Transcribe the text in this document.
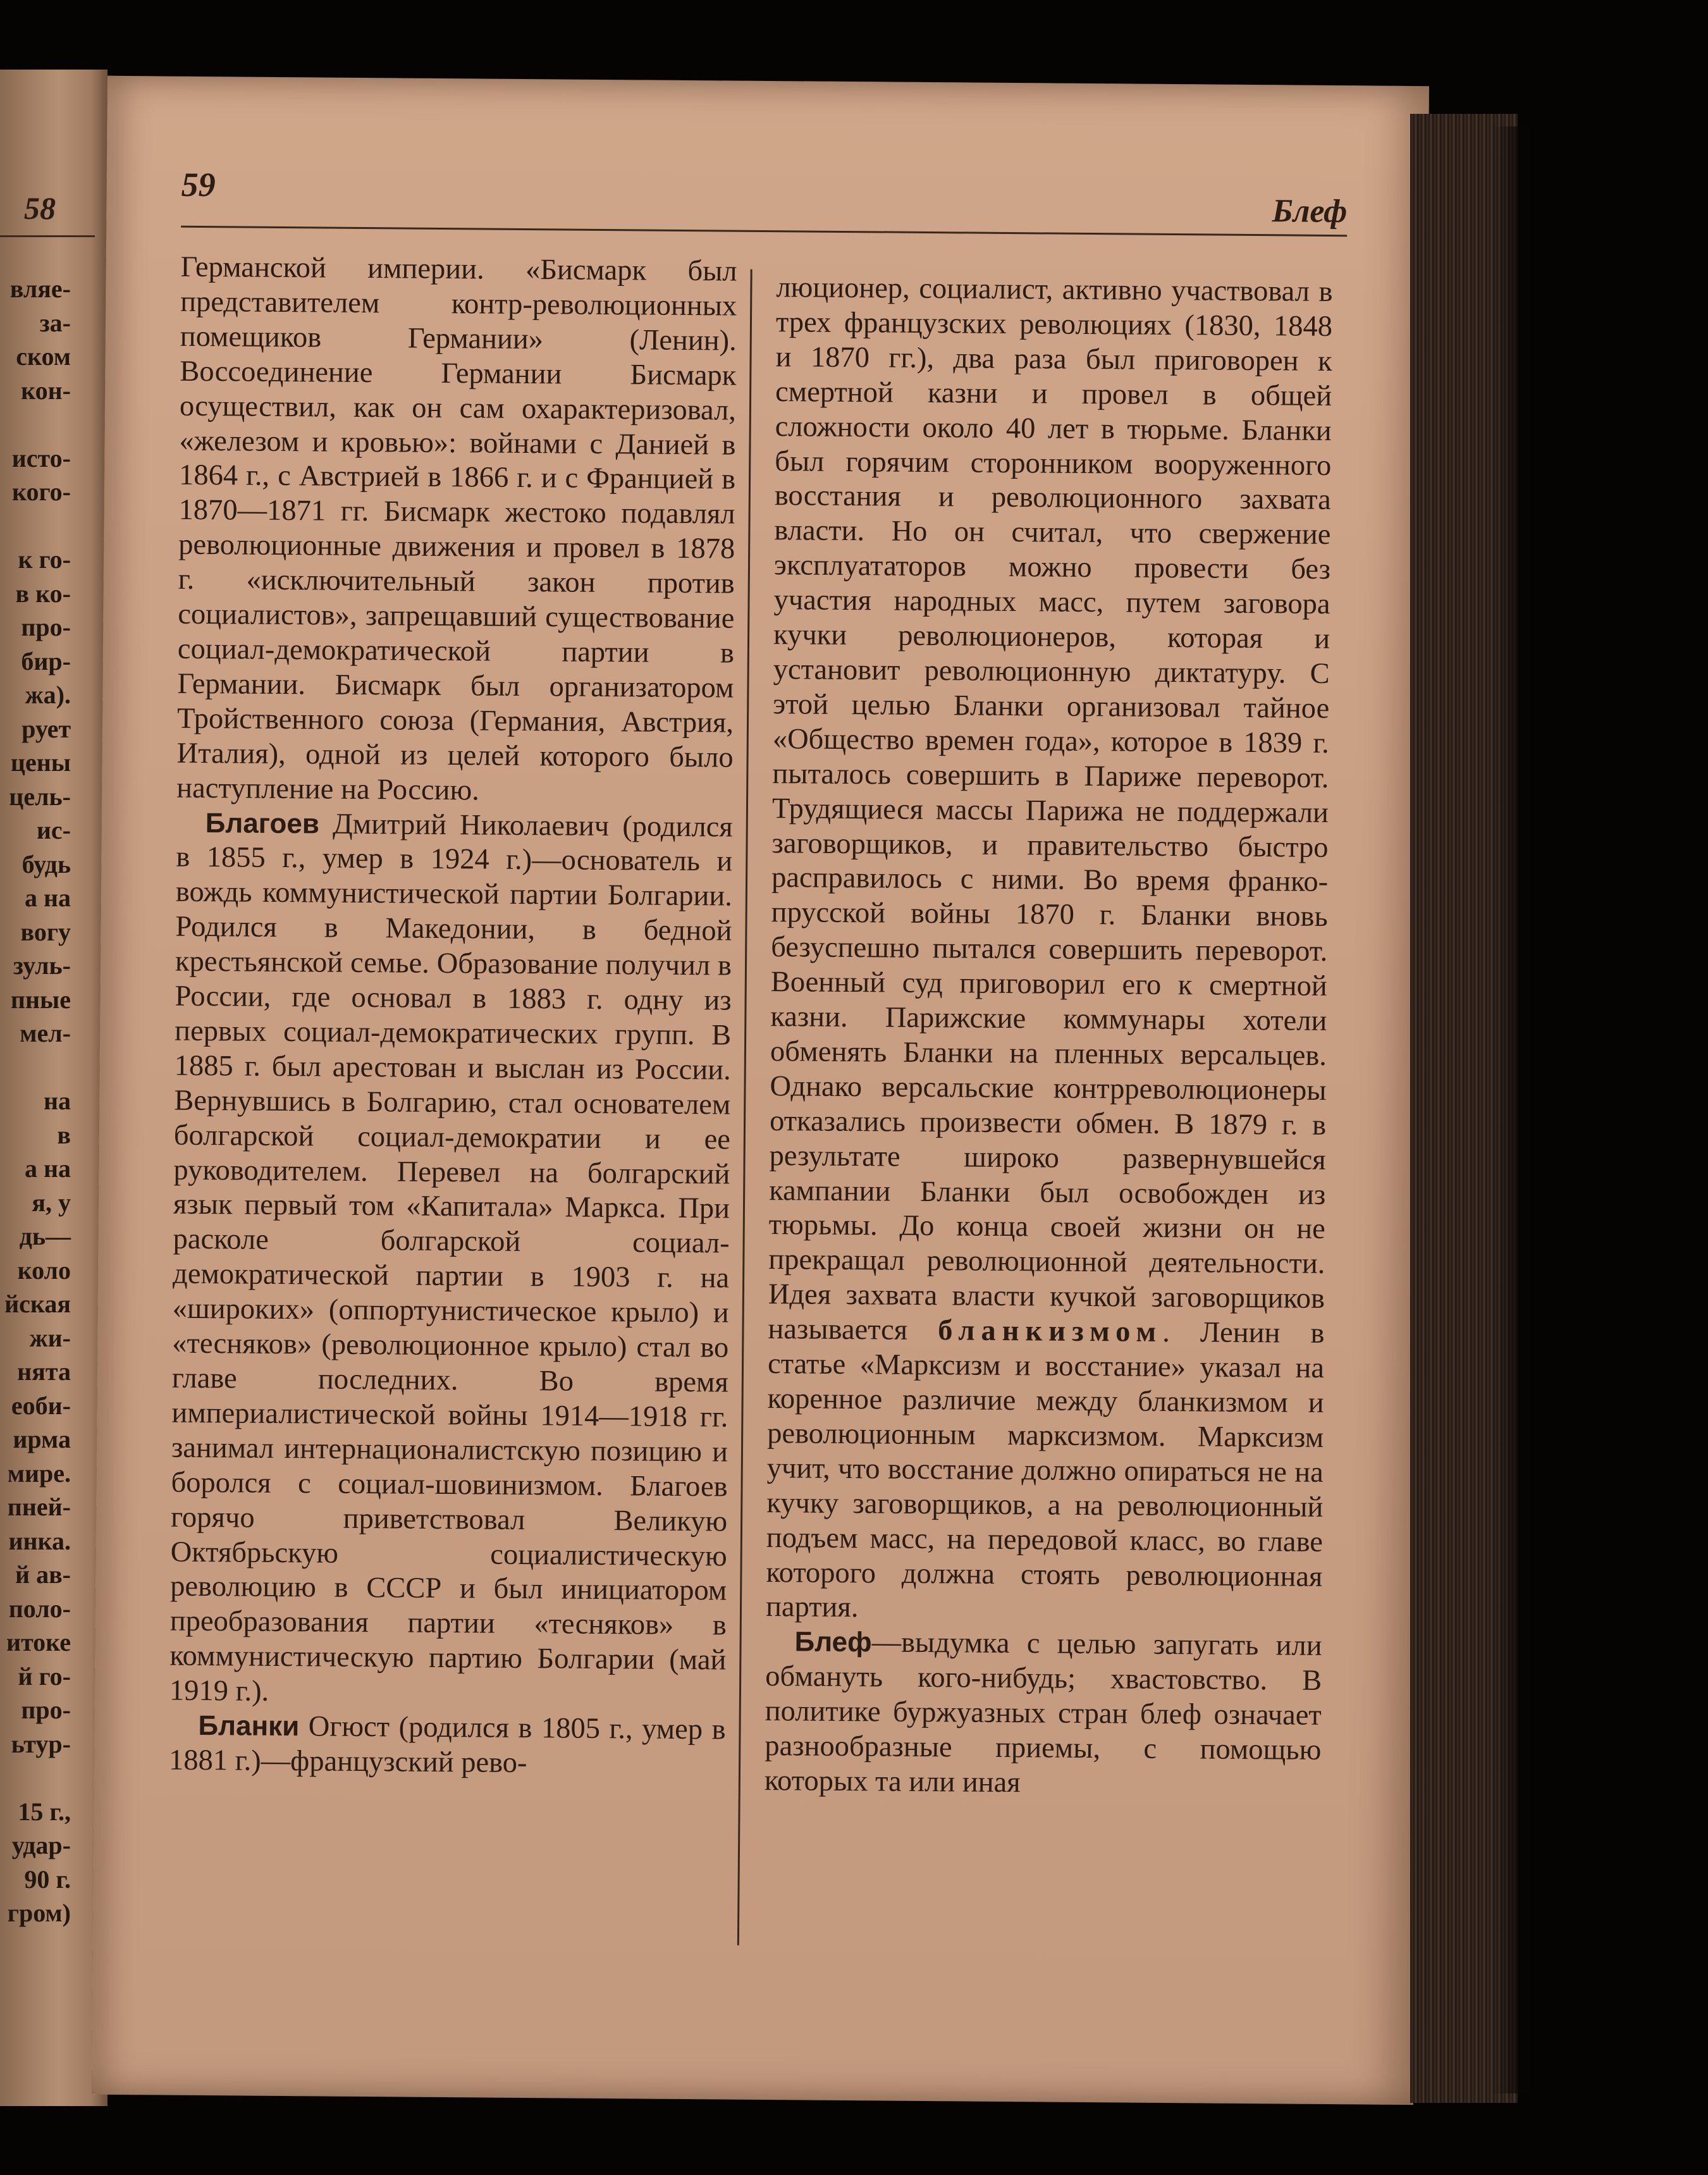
58
вляе-
за-
ском
кон-

исто-
кого-

к го-
в ко-
про-
бир-
жа).
рует
цены
цель-
ис-
будь
а на
вогу
зуль-
пные
мел-

на
в
а на
я, у
дь—
коло
йская
жи-
нята
еоби-
ирма
мире.
пней-
инка.
й ав-
поло-
итоке
й го-
про-
ьтур-

15 г.,
удар-
90 г.
гром)
59
Блеф

Германской империи. «Бисмарк был представителем контр-революционных помещиков Германии» (Ленин). Воссоединение Германии Бисмарк осуществил, как он сам охарактеризовал, «железом и кровью»: войнами с Данией в 1864 г., с Австрией в 1866 г. и с Францией в 1870—1871 гг. Бисмарк жестоко подавлял революционные движения и провел в 1878 г. «исключительный закон против социалистов», запрещавший существование социал-демократической партии в Германии. Бисмарк был организатором Тройственного союза (Германия, Австрия, Италия), одной из целей которого было наступление на Россию.

Благоев Дмитрий Николаевич (родился в 1855 г., умер в 1924 г.)—основатель и вождь коммунистической партии Болгарии. Родился в Македонии, в бедной крестьянской семье. Образование получил в России, где основал в 1883 г. одну из первых социал-демократических групп. В 1885 г. был арестован и выслан из России. Вернувшись в Болгарию, стал основателем болгарской социал-демократии и ее руководителем. Перевел на болгарский язык первый том «Капитала» Маркса. При расколе болгарской социал-демократической партии в 1903 г. на «широких» (оппортунистическое крыло) и «тесняков» (революционное крыло) стал во главе последних. Во время империалистической войны 1914—1918 гг. занимал интернационалистскую позицию и боролся с социал-шовинизмом. Благоев горячо приветствовал Великую Октябрьскую социалистическую революцию в СССР и был инициатором преобразования партии «тесняков» в коммунистическую партию Болгарии (май 1919 г.).

Бланки Огюст (родился в 1805 г., умер в 1881 г.)—французский рево-

люционер, социалист, активно участвовал в трех французских революциях (1830, 1848 и 1870 гг.), два раза был приговорен к смертной казни и провел в общей сложности около 40 лет в тюрьме. Бланки был горячим сторонником вооруженного восстания и революционного захвата власти. Но он считал, что свержение эксплуататоров можно провести без участия народных масс, путем заговора кучки революционеров, которая и установит революционную диктатуру. С этой целью Бланки организовал тайное «Общество времен года», которое в 1839 г. пыталось совершить в Париже переворот. Трудящиеся массы Парижа не поддержали заговорщиков, и правительство быстро расправилось с ними. Во время франко-прусской войны 1870 г. Бланки вновь безуспешно пытался совершить переворот. Военный суд приговорил его к смертной казни. Парижские коммунары хотели обменять Бланки на пленных версальцев. Однако версальские контрреволюционеры отказались произвести обмен. В 1879 г. в результате широко развернувшейся кампании Бланки был освобожден из тюрьмы. До конца своей жизни он не прекращал революционной деятельности. Идея захвата власти кучкой заговорщиков называется бланкизмом. Ленин в статье «Марксизм и восстание» указал на коренное различие между бланкизмом и революционным марксизмом. Марксизм учит, что восстание должно опираться не на кучку заговорщиков, а на революционный подъем масс, на передовой класс, во главе которого должна стоять революционная партия.

Блеф—выдумка с целью запугать или обмануть кого-нибудь; хвастовство. В политике буржуазных стран блеф означает разнообразные приемы, с помощью которых та или иная
